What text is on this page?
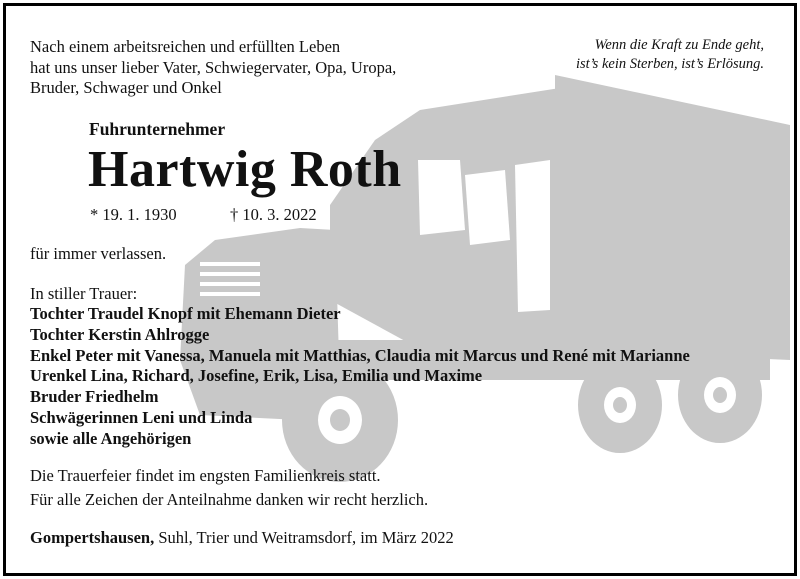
Nach einem arbeitsreichen und erfüllten Leben
hat uns unser lieber Vater, Schwiegervater, Opa, Uropa,
Bruder, Schwager und Onkel
Wenn die Kraft zu Ende geht,
ist’s kein Sterben, ist’s Erlösung.
Fuhrunternehmer
Hartwig Roth
* 19. 1. 1930	† 10. 3. 2022
für immer verlassen.
In stiller Trauer:
Tochter Traudel Knopf mit Ehemann Dieter
Tochter Kerstin Ahlrogge
Enkel Peter mit Vanessa, Manuela mit Matthias, Claudia mit Marcus und René mit Marianne
Urenkel Lina, Richard, Josefine, Erik, Lisa, Emilia und Maxime
Bruder Friedhelm
Schwägerinnen Leni und Linda
sowie alle Angehörigen
Die Trauerfeier findet im engsten Familienkreis statt.
Für alle Zeichen der Anteilnahme danken wir recht herzlich.
Gompertshausen, Suhl, Trier und Weitramsdorf, im März 2022
